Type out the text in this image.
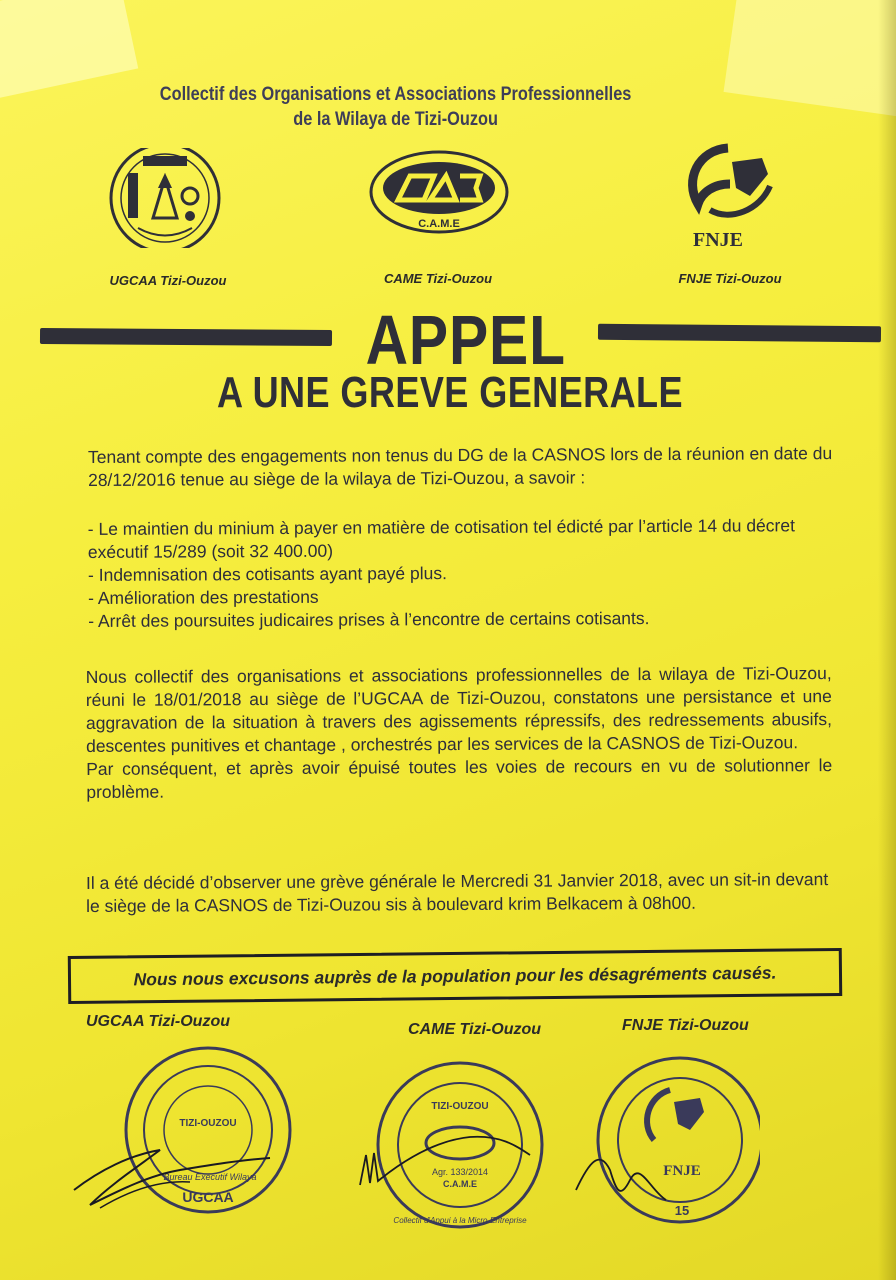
Collectif des Organisations et Associations Professionnelles
de la Wilaya de Tizi-Ouzou
UGCAA Tizi-Ouzou
C.A.M.E
CAME Tizi-Ouzou
FNJE
FNJE Tizi-Ouzou
APPEL
A UNE GREVE GENERALE

Tenant compte des engagements non tenus du DG de la CASNOS lors de la réunion en date du 28/12/2016 tenue au siège de la wilaya de Tizi-Ouzou, a savoir :

- Le maintien du minium à payer en matière de cotisation tel édicté par l’article 14 du décret exécutif 15/289 (soit 32 400.00)

- Indemnisation des cotisants ayant payé plus.

- Amélioration des prestations

- Arrêt des poursuites judicaires prises à l’encontre de certains cotisants.

Nous collectif des organisations et associations professionnelles de la wilaya de Tizi-Ouzou, réuni le 18/01/2018 au siège de l’UGCAA de Tizi-Ouzou, constatons une persistance et une aggravation de la situation à travers des agissements répressifs, des redressements abusifs, descentes punitives et chantage , orchestrés par les services de la CASNOS de Tizi-Ouzou.

Par conséquent, et après avoir épuisé toutes les voies de recours en vu de solutionner le problème.

Il a été décidé d’observer une grève générale le Mercredi 31 Janvier 2018, avec un sit-in devant le siège de la CASNOS de Tizi-Ouzou sis à boulevard krim Belkacem à 08h00.

Nous nous excusons auprès de la population pour les désagréments causés.
UGCAA Tizi-Ouzou	CAME Tizi-Ouzou	FNJE Tizi-Ouzou
TIZI-OUZOU
UGCAA
Bureau Exécutif Wilaya
TIZI-OUZOU
Agr. 133/2014
C.A.M.E
Collectif d'Appui à la Micro-Entreprise
FNJE
15
